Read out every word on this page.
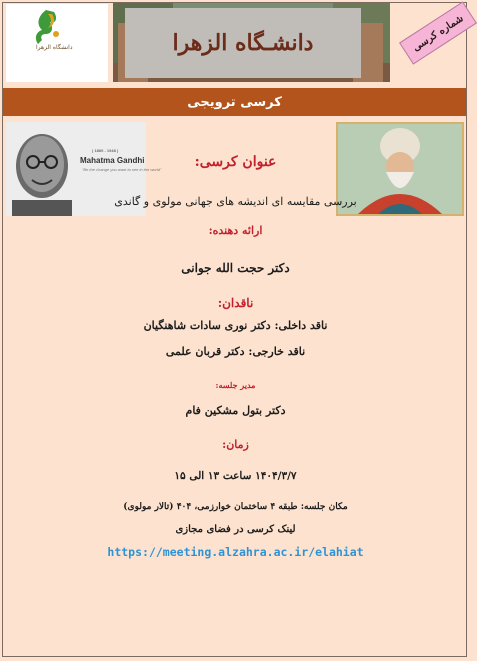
دانشگاه الزهرا	دانشـگاه الزهرا	شماره کرسی
کرسی ترویجی
( 1869 - 1948 )
Mahatma Gandhi
"Be the change you want to see in the world"	عنوان کرسی:
بررسی مقایسه ای اندیشه های جهانی مولوی و گاندی
ارائه دهنده:
دکتر حجت الله جوانی
ناقدان:
ناقد داخلی: دکتر نوری سادات شاهنگیان
ناقد خارجی: دکتر قربان علمی
مدیر جلسه:
دکتر بتول مشکین فام
زمان:
۱۴۰۴/۳/۷ ساعت ۱۳ الی ۱۵
مکان جلسه: طبقه ۴ ساختمان خوارزمی، ۴۰۴ (تالار مولوی)
لینک کرسی در فضای مجازی
https://meeting.alzahra.ac.ir/elahiat
